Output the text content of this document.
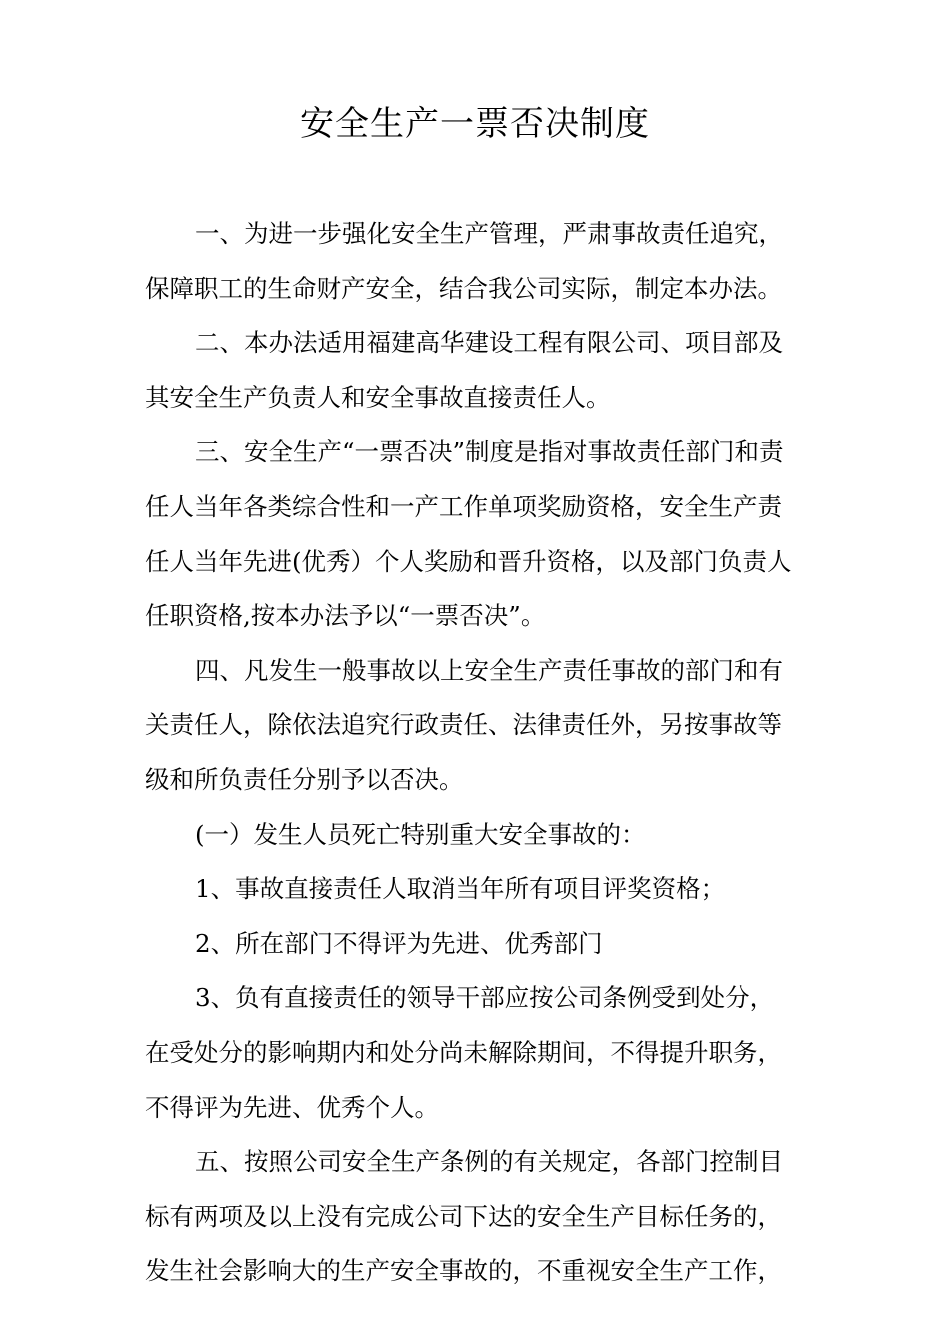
安全生产一票否决制度
一、为进一步强化安全生产管理，严肃事故责任追究，
保障职工的生命财产安全，结合我公司实际，制定本办法。
二、本办法适用福建高华建设工程有限公司、项目部及
其安全生产负责人和安全事故直接责任人。
三、安全生产“一票否决”制度是指对事故责任部门和责
任人当年各类综合性和一产工作单项奖励资格，安全生产责
任人当年先进(优秀）个人奖励和晋升资格，以及部门负责人
任职资格,按本办法予以“一票否决”。
四、凡发生一般事故以上安全生产责任事故的部门和有
关责任人，除依法追究行政责任、法律责任外，另按事故等
级和所负责任分别予以否决。
(一）发生人员死亡特别重大安全事故的：
1、事故直接责任人取消当年所有项目评奖资格；
2、所在部门不得评为先进、优秀部门
3、负有直接责任的领导干部应按公司条例受到处分，
在受处分的影响期内和处分尚未解除期间，不得提升职务，
不得评为先进、优秀个人。
五、按照公司安全生产条例的有关规定，各部门控制目
标有两项及以上没有完成公司下达的安全生产目标任务的，
发生社会影响大的生产安全事故的，不重视安全生产工作，
